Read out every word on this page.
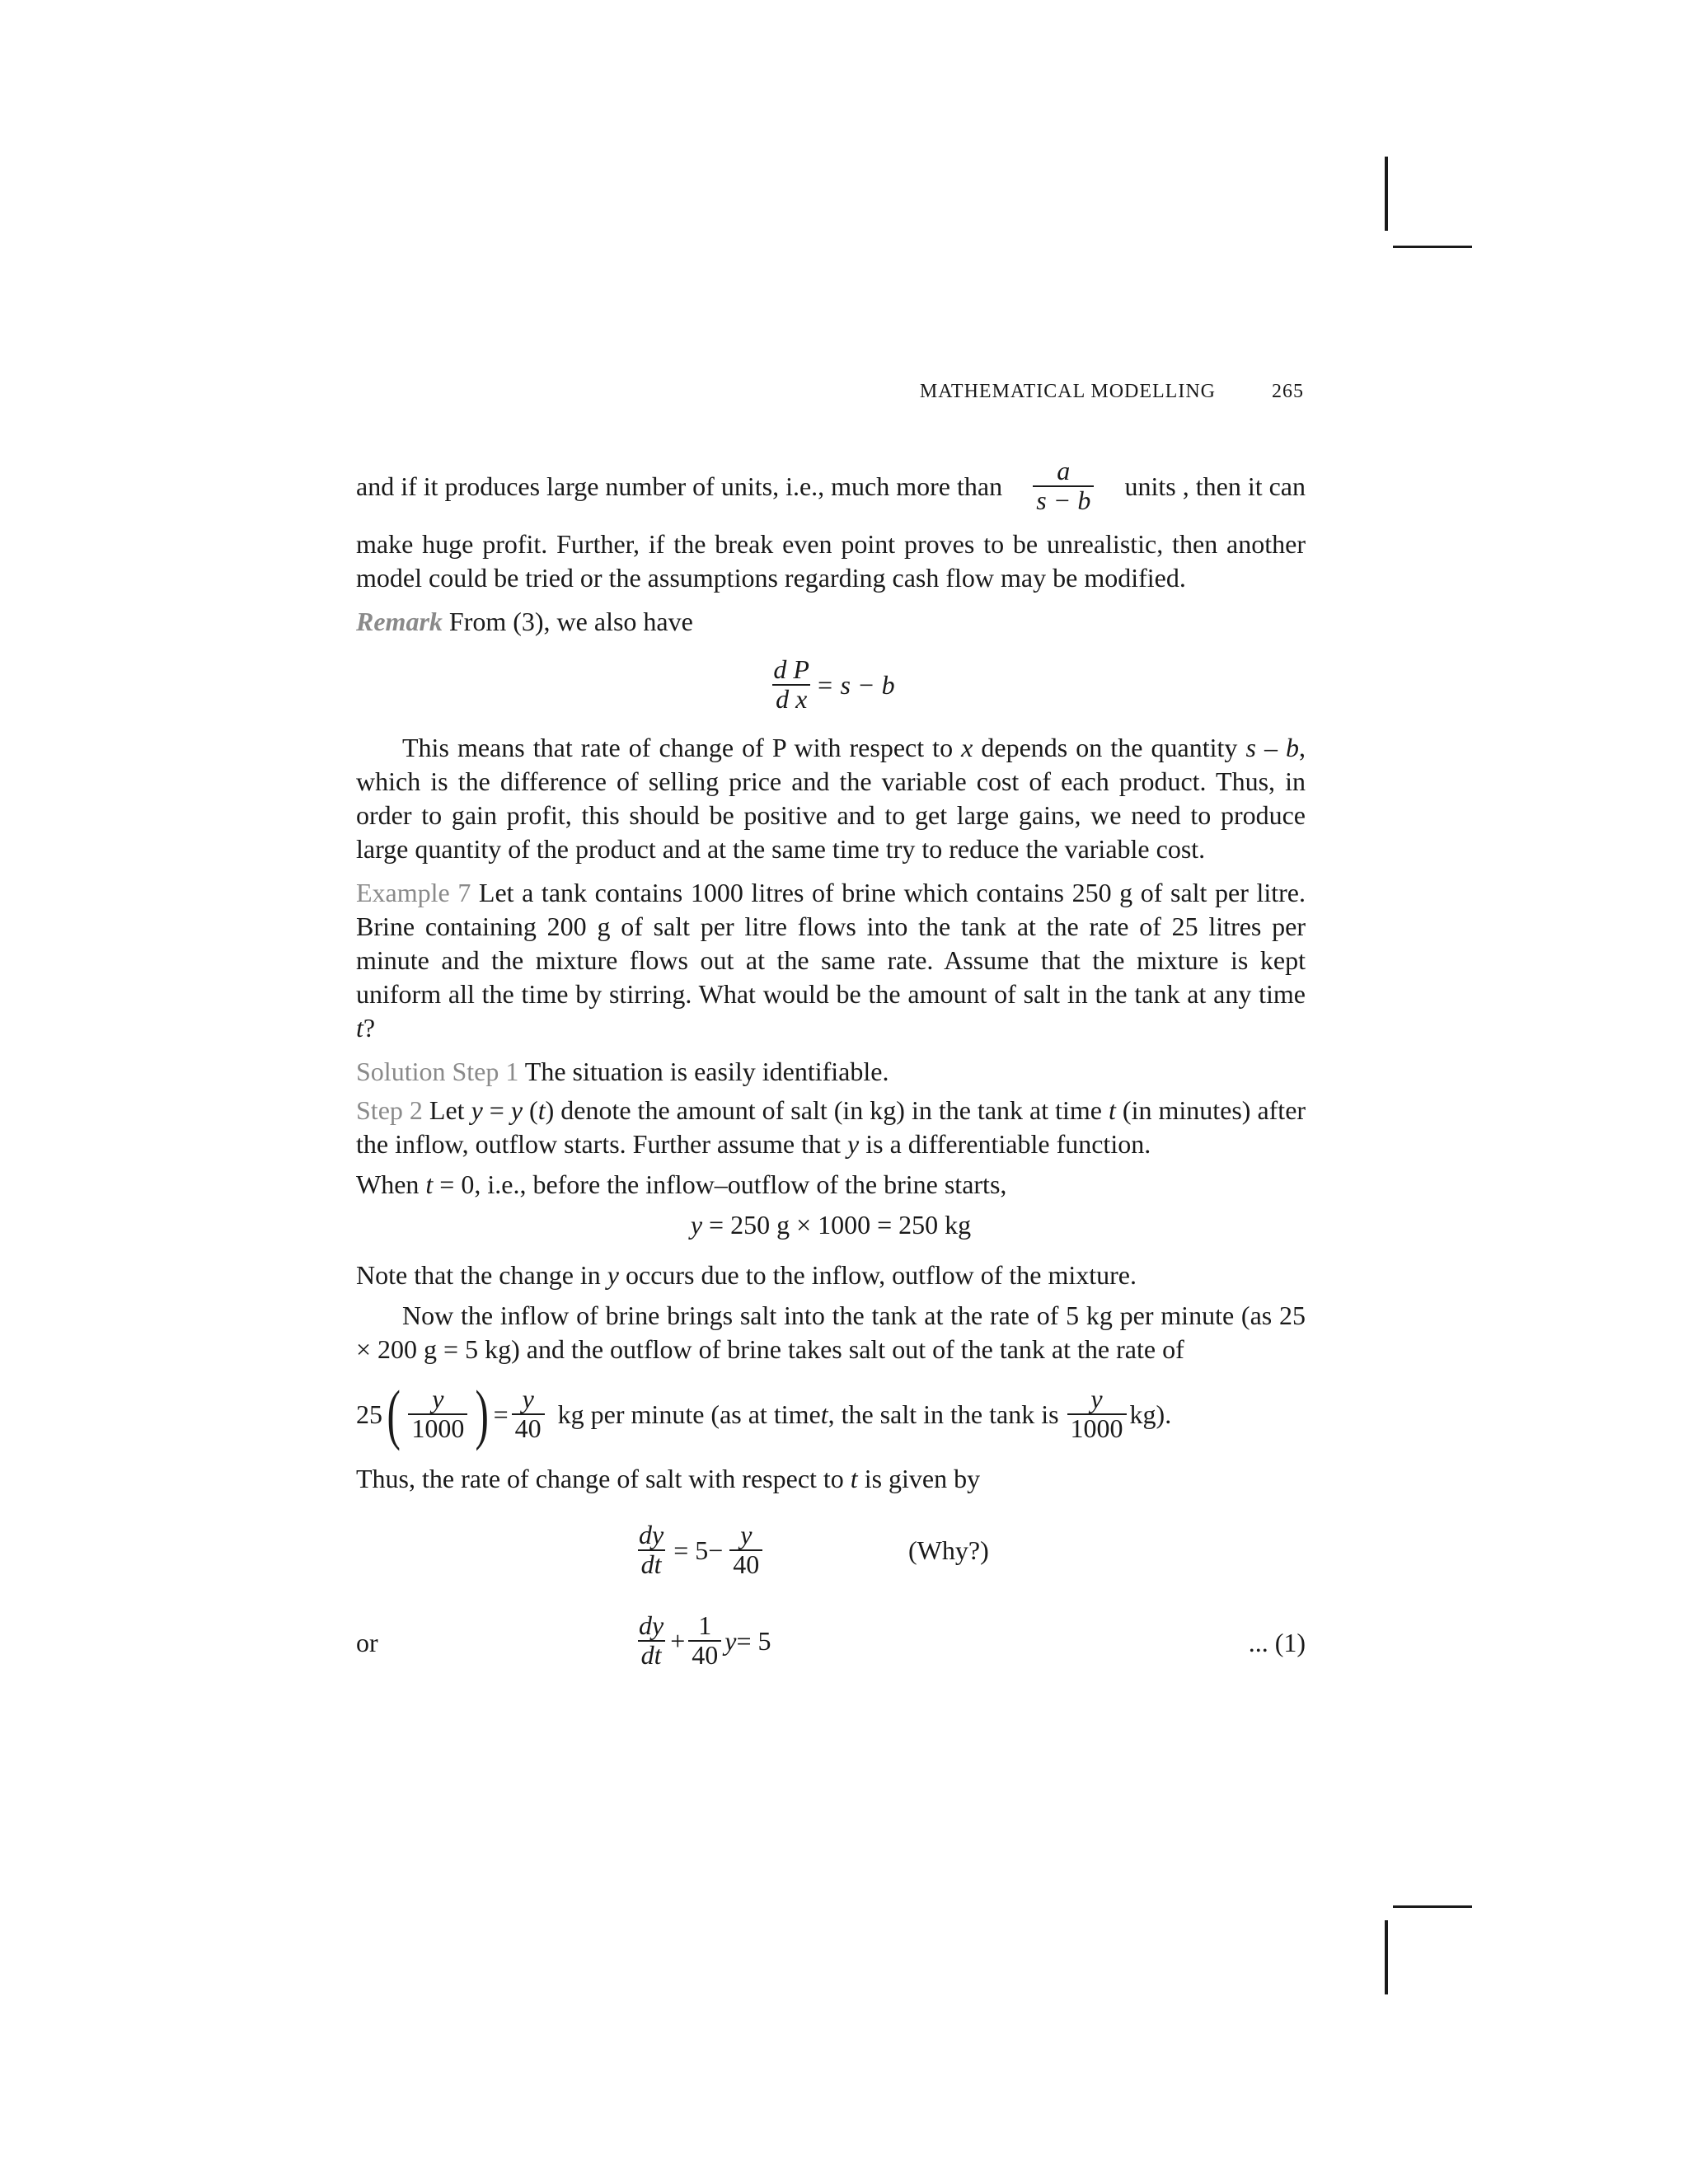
MATHEMATICAL MODELLING	265
and if it produces large number of units, i.e., much more than $\frac{a}{s - b}$ units , then it can

make huge profit. Further, if the break even point proves to be unrealistic, then another model could be tried or the assumptions regarding cash flow may be modified.

Remark From (3), we also have

$\frac{\text{d P}}{\text{d x}} = s - b$

This means that rate of change of P with respect to x depends on the quantity s – b, which is the difference of selling price and the variable cost of each product. Thus, in order to gain profit, this should be positive and to get large gains, we need to produce large quantity of the product and at the same time try to reduce the variable cost.

Example 7 Let a tank contains 1000 litres of brine which contains 250 g of salt per litre. Brine containing 200 g of salt per litre flows into the tank at the rate of 25 litres per minute and the mixture flows out at the same rate. Assume that the mixture is kept uniform all the time by stirring. What would be the amount of salt in the tank at any time t?

Solution Step 1 The situation is easily identifiable.

Step 2 Let y = y (t) denote the amount of salt (in kg) in the tank at time t (in minutes) after the inflow, outflow starts. Further assume that y is a differentiable function.

When t = 0, i.e., before the inflow–outflow of the brine starts,

y = 250 g × 1000 = 250 kg

Note that the change in y occurs due to the inflow, outflow of the mixture.

Now the inflow of brine brings salt into the tank at the rate of 5 kg per minute (as 25 × 200 g = 5 kg) and the outflow of brine takes salt out of the tank at the rate of

25 ( $\frac{y}{1000}$ ) = $\frac{y}{40}$ kg per minute (as at time t , the salt in the tank is $\frac{y}{1000} kg$).

Thus, the rate of change of salt with respect to t is given by

$\frac{dy}{dt} = 5- \frac{y}{40}$	(Why?)
or	$\frac{dy}{dt} + \frac{1}{40}$ y = 5	... (1)
